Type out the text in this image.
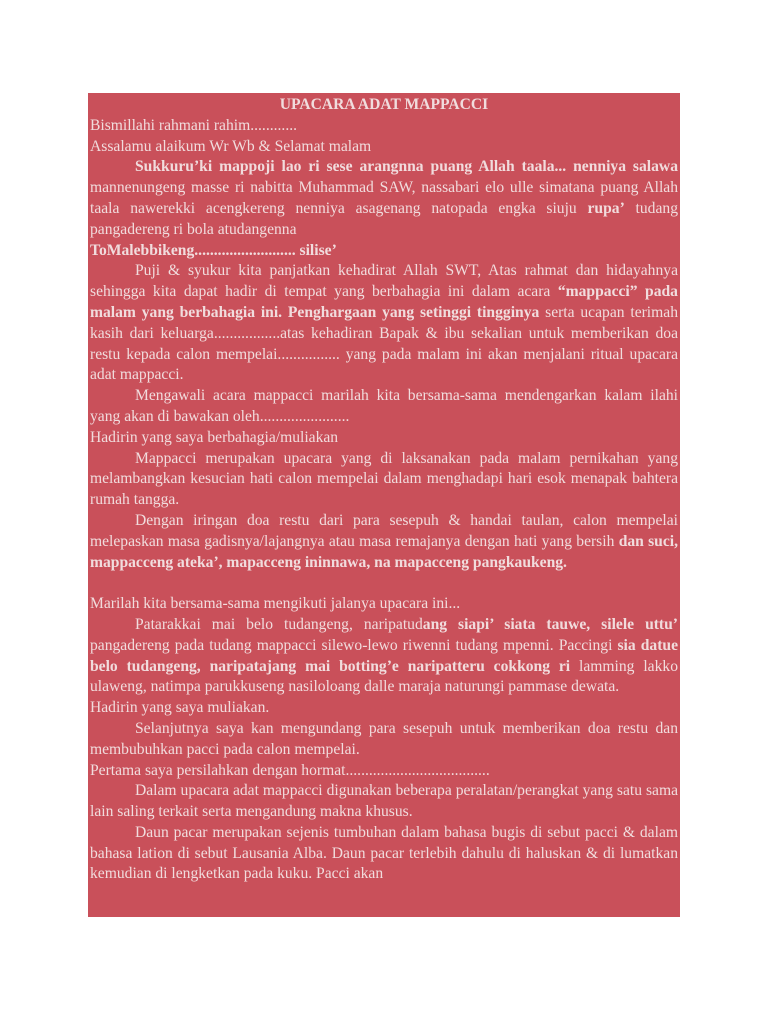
UPACARA ADAT MAPPACCI

Bismillahi rahmani rahim............

Assalamu alaikum Wr Wb & Selamat malam

Sukkuru’ki mappoji lao ri sese arangnna puang Allah taala... nenniya salawa mannenungeng masse ri nabitta Muhammad SAW, nassabari elo ulle simatana puang Allah taala nawerekki acengkereng nenniya asagenang natopada engka siuju rupa’ tudang pangadereng ri bola atudangenna

ToMalebbikeng.......................... silise’

Puji & syukur kita panjatkan kehadirat Allah SWT, Atas rahmat dan hidayahnya sehingga kita dapat hadir di tempat yang berbahagia ini dalam acara “mappacci” pada malam yang berbahagia ini. Penghargaan yang setinggi tingginya serta ucapan terimah kasih dari keluarga.................atas kehadiran Bapak & ibu sekalian untuk memberikan doa restu kepada calon mempelai................ yang pada malam ini akan menjalani ritual upacara adat mappacci.

Mengawali acara mappacci marilah kita bersama-sama mendengarkan kalam ilahi yang akan di bawakan oleh.......................

Hadirin yang saya berbahagia/muliakan

Mappacci merupakan upacara yang di laksanakan pada malam pernikahan yang melambangkan kesucian hati calon mempelai dalam menghadapi hari esok menapak bahtera rumah tangga.

Dengan iringan doa restu dari para sesepuh & handai taulan, calon mempelai melepaskan masa gadisnya/lajangnya atau masa remajanya dengan hati yang bersih dan suci, mappacceng ateka’, mapacceng ininnawa, na mapacceng pangkaukeng.

Marilah kita bersama-sama mengikuti jalanya upacara ini...

Patarakkai mai belo tudangeng, naripatudang siapi’ siata tauwe, silele uttu’ pangadereng pada tudang mappacci silewo-lewo riwenni tudang mpenni. Paccingi sia datue belo tudangeng, naripatajang mai botting’e naripatteru cokkong ri lamming lakko ulaweng, natimpa parukkuseng nasiloloang dalle maraja naturungi pammase dewata.

Hadirin yang saya muliakan.

Selanjutnya saya kan mengundang para sesepuh untuk memberikan doa restu dan membubuhkan pacci pada calon mempelai.

Pertama saya persilahkan dengan hormat.....................................

Dalam upacara adat mappacci digunakan beberapa peralatan/perangkat yang satu sama lain saling terkait serta mengandung makna khusus.

Daun pacar merupakan sejenis tumbuhan dalam bahasa bugis di sebut pacci & dalam bahasa lation di sebut Lausania Alba. Daun pacar terlebih dahulu di haluskan & di lumatkan kemudian di lengketkan pada kuku. Pacci akan
